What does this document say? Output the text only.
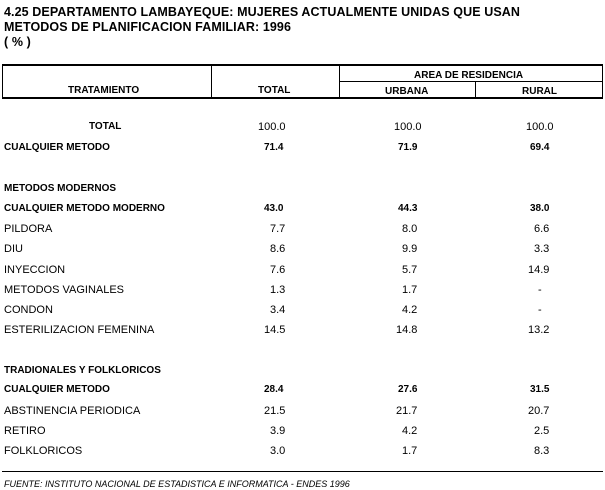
4.25 DEPARTAMENTO LAMBAYEQUE: MUJERES ACTUALMENTE UNIDAS QUE USAN
METODOS DE PLANIFICACION FAMILIAR: 1996
( % )
TRATAMIENTO	TOTAL
AREA DE RESIDENCIA
URBANA	RURAL
TOTAL	100.0	100.0	100.0
CUALQUIER METODO	71.4	71.9	69.4
METODOS MODERNOS
CUALQUIER METODO MODERNO	43.0	44.3	38.0
PILDORA	7.7	8.0	6.6
DIU	8.6	9.9	3.3
INYECCION	7.6	5.7	14.9
METODOS VAGINALES	1.3	1.7	-
CONDON	3.4	4.2	-
ESTERILIZACION FEMENINA	14.5	14.8	13.2
TRADIONALES Y FOLKLORICOS
CUALQUIER METODO	28.4	27.6	31.5
ABSTINENCIA PERIODICA	21.5	21.7	20.7
RETIRO	3.9	4.2	2.5
FOLKLORICOS	3.0	1.7	8.3
FUENTE: INSTITUTO NACIONAL DE ESTADISTICA E INFORMATICA - ENDES 1996
